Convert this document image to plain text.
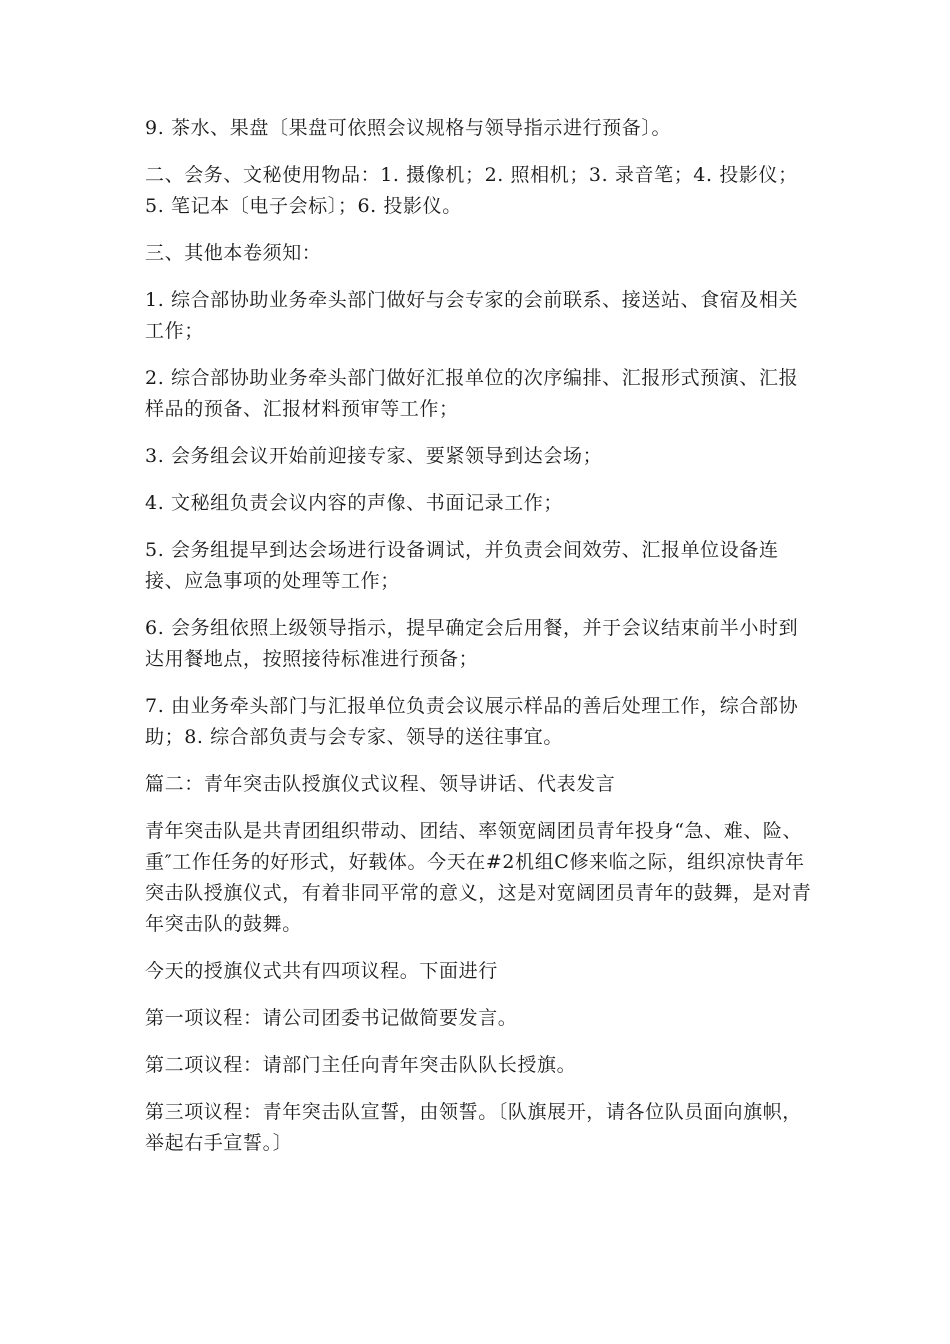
9. 茶水、果盘〔果盘可依照会议规格与领导指示进行预备〕。

二、会务、文秘使用物品：1. 摄像机；2. 照相机；3. 录音笔；4. 投影仪；5. 笔记本〔电子会标〕；6. 投影仪。

三、其他本卷须知：

1. 综合部协助业务牵头部门做好与会专家的会前联系、接送站、食宿及相关工作；

2. 综合部协助业务牵头部门做好汇报单位的次序编排、汇报形式预演、汇报样品的预备、汇报材料预审等工作；

3. 会务组会议开始前迎接专家、要紧领导到达会场；

4. 文秘组负责会议内容的声像、书面记录工作；

5. 会务组提早到达会场进行设备调试，并负责会间效劳、汇报单位设备连接、应急事项的处理等工作；

6. 会务组依照上级领导指示，提早确定会后用餐，并于会议结束前半小时到达用餐地点，按照接待标准进行预备；

7. 由业务牵头部门与汇报单位负责会议展示样品的善后处理工作，综合部协助；8. 综合部负责与会专家、领导的送往事宜。

篇二：青年突击队授旗仪式议程、领导讲话、代表发言

青年突击队是共青团组织带动、团结、率领宽阔团员青年投身“急、难、险、重″工作任务的好形式，好载体。今天在#2机组C修来临之际，组织凉快青年突击队授旗仪式，有着非同平常的意义，这是对宽阔团员青年的鼓舞，是对青年突击队的鼓舞。

今天的授旗仪式共有四项议程。下面进行

第一项议程：请公司团委书记做简要发言。

第二项议程：请部门主任向青年突击队队长授旗。

第三项议程：青年突击队宣誓，由领誓。〔队旗展开，请各位队员面向旗帜，举起右手宣誓。〕
